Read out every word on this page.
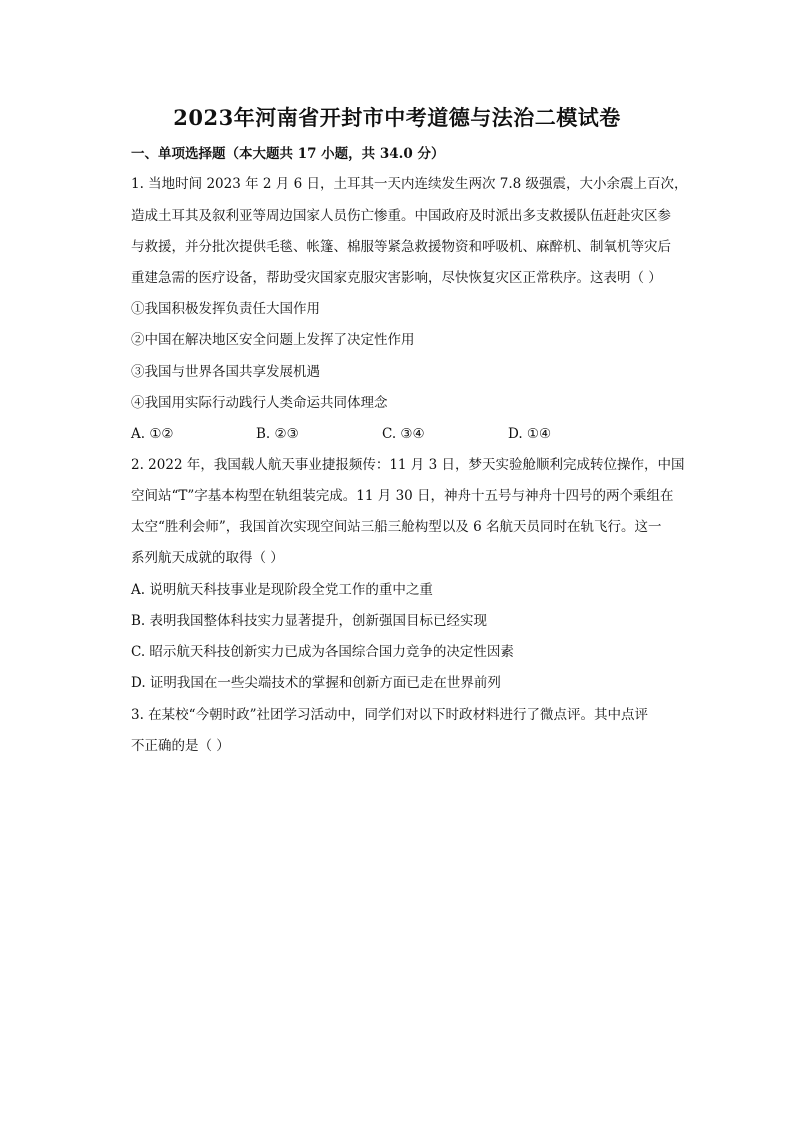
2023年河南省开封市中考道德与法治二模试卷
一、单项选择题（本大题共 17 小题，共 34.0 分）
1. 当地时间 2023 年 2 月 6 日，土耳其一天内连续发生两次 7.8 级强震，大小余震上百次，
造成土耳其及叙利亚等周边国家人员伤亡惨重。中国政府及时派出多支救援队伍赶赴灾区参
与救援，并分批次提供毛毯、帐篷、棉服等紧急救援物资和呼吸机、麻醉机、制氧机等灾后
重建急需的医疗设备，帮助受灾国家克服灾害影响，尽快恢复灾区正常秩序。这表明（ ）
①我国积极发挥负责任大国作用
②中国在解决地区安全问题上发挥了决定性作用
③我国与世界各国共享发展机遇
④我国用实际行动践行人类命运共同体理念
A. ①②	B. ②③	C. ③④	D. ①④
2. 2022 年，我国载人航天事业捷报频传：11 月 3 日，梦天实验舱顺利完成转位操作，中国
空间站“T”字基本构型在轨组装完成。11 月 30 日，神舟十五号与神舟十四号的两个乘组在
太空“胜利会师”，我国首次实现空间站三船三舱构型以及 6 名航天员同时在轨飞行。这一
系列航天成就的取得（ ）
A. 说明航天科技事业是现阶段全党工作的重中之重
B. 表明我国整体科技实力显著提升，创新强国目标已经实现
C. 昭示航天科技创新实力已成为各国综合国力竞争的决定性因素
D. 证明我国在一些尖端技术的掌握和创新方面已走在世界前列
3. 在某校“今朝时政”社团学习活动中，同学们对以下时政材料进行了微点评。其中点评
不正确的是（ ）
